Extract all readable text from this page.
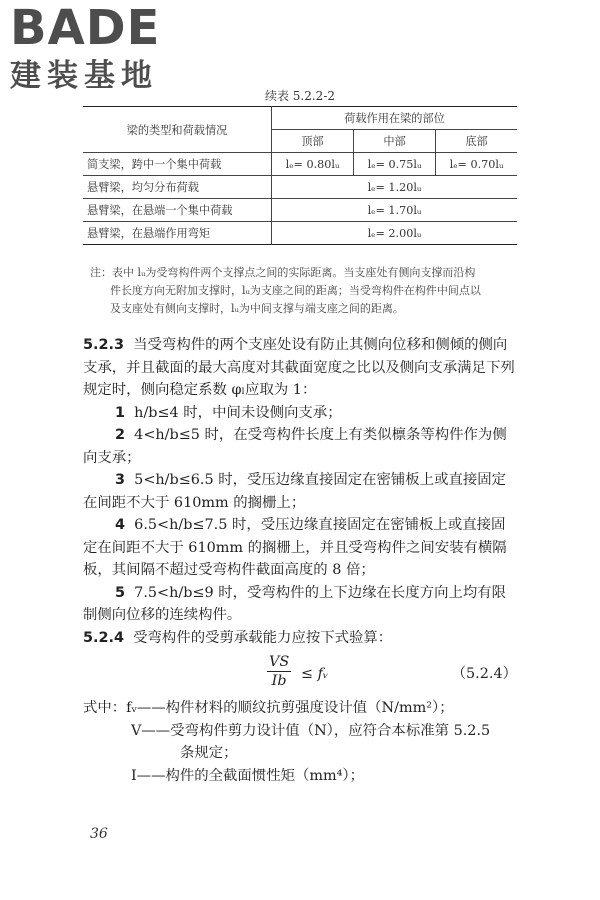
BADE
建装基地
续表 5.2.2-2
梁的类型和荷载情况	荷载作用在梁的部位		
	顶部	中部	底部
简支梁，跨中一个集中荷载	lₑ= 0.80lᵤ	lₑ= 0.75lᵤ	lₑ= 0.70lᵤ
悬臂梁，均匀分布荷载	lₑ= 1.20lᵤ		
悬臂梁，在悬端一个集中荷载	lₑ= 1.70lᵤ		
悬臂梁，在悬端作用弯矩	lₑ= 2.00lᵤ		
注：表中 lᵤ为受弯构件两个支撑点之间的实际距离。当支座处有侧向支撑而沿构
件长度方向无附加支撑时，lᵤ为支座之间的距离；当受弯构件在构件中间点以
及支座处有侧向支撑时，lᵤ为中间支撑与端支座之间的距离。

5.2.3 当受弯构件的两个支座处设有防止其侧向位移和侧倾的侧向支承，并且截面的最大高度对其截面宽度之比以及侧向支承满足下列规定时，侧向稳定系数 φₗ应取为 1：

1 h/b≤4 时，中间未设侧向支承；

2 4<h/b≤5 时，在受弯构件长度上有类似檩条等构件作为侧向支承；

3 5<h/b≤6.5 时，受压边缘直接固定在密铺板上或直接固定在间距不大于 610mm 的搁栅上；

4 6.5<h/b≤7.5 时，受压边缘直接固定在密铺板上或直接固定在间距不大于 610mm 的搁栅上，并且受弯构件之间安装有横隔板，其间隔不超过受弯构件截面高度的 8 倍；

5 7.5<h/b≤9 时，受弯构件的上下边缘在长度方向上均有限制侧向位移的连续构件。

5.2.4 受弯构件的受剪承载能力应按下式验算：

$\frac{VS}{Ib}$ ≤ fᵥ	（5.2.4）

式中：fᵥ——构件材料的顺纹抗剪强度设计值（N/mm²）；

V——受弯构件剪力设计值（N），应符合本标准第 5.2.5

条规定；

I——构件的全截面惯性矩（mm⁴）；

36
